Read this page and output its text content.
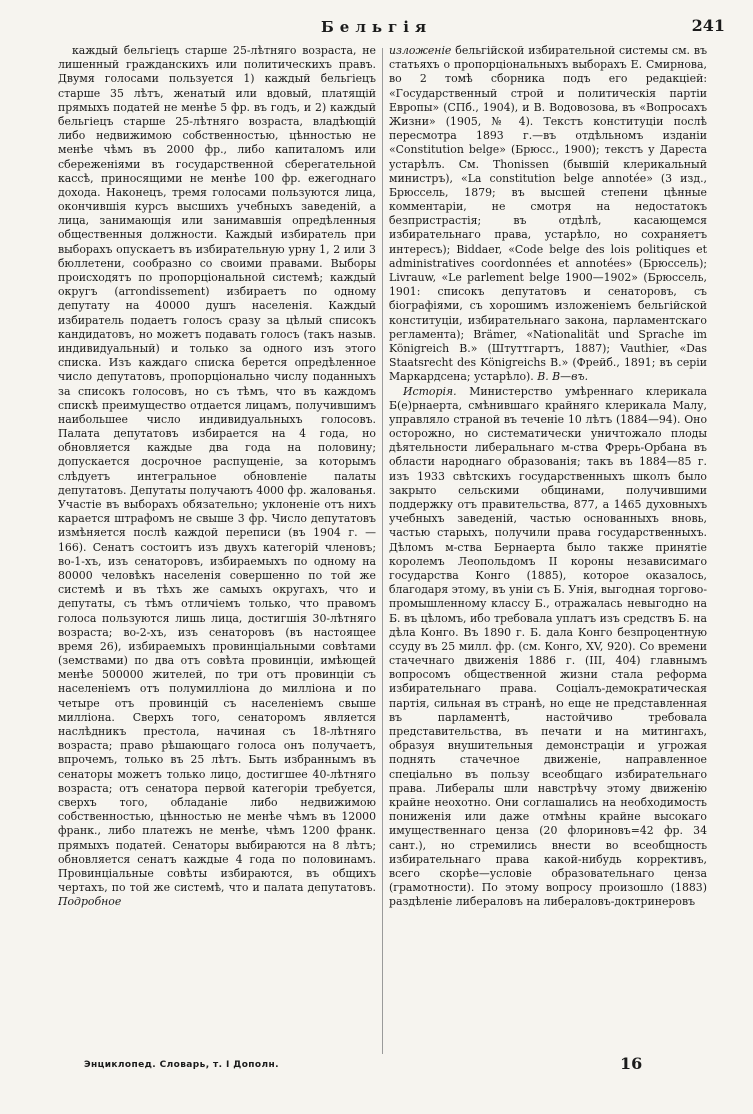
Бельгія	241

каждый бельгіецъ старше 25-лѣтняго возраста, не лишенный гражданскихъ или политическихъ правъ. Двумя голосами пользуется 1) каждый бельгіецъ старше 35 лѣтъ, женатый или вдовый, платящій прямыхъ податей не менѣе 5 фр. въ годъ, и 2) каждый бельгіецъ старше 25-лѣтняго возраста, владѣющій либо недвижимою собственностью, цѣнностью не менѣе чѣмъ въ 2000 фр., либо капиталомъ или сбереженіями въ государственной сберегательной кассѣ, приносящими не менѣе 100 фр. ежегоднаго дохода. Наконецъ, тремя голосами пользуются лица, окончившія курсъ высшихъ учебныхъ заведеній, а лица, занимающія или занимавшія опредѣленныя общественныя должности. Каждый избиратель при выборахъ опускаетъ въ избирательную урну 1, 2 или 3 бюллетени, сообразно со своими правами. Выборы происходятъ по пропорціональной системѣ; каждый округъ (arrondissement) избираетъ по одному депутату на 40000 душъ населенія. Каждый избиратель подаетъ голосъ сразу за цѣлый списокъ кандидатовъ, но можетъ подавать голосъ (такъ назыв. индивидуальный) и только за одного изъ этого списка. Изъ каждаго списка берется опредѣленное число депутатовъ, пропорціонально числу поданныхъ за списокъ голосовъ, но съ тѣмъ, что въ каждомъ спискѣ преимущество отдается лицамъ, получившимъ наибольшее число индивидуальныхъ голосовъ. Палата депутатовъ избирается на 4 года, но обновляется каждые два года на половину; допускается досрочное распущеніе, за которымъ слѣдуетъ интегральное обновленіе палаты депутатовъ. Депутаты получаютъ 4000 фр. жалованья. Участіе въ выборахъ обязательно; уклоненіе отъ нихъ карается штрафомъ не свыше 3 фр. Число депутатовъ измѣняется послѣ каждой переписи (въ 1904 г. — 166). Сенатъ состоитъ изъ двухъ категорій членовъ; во-1-хъ, изъ сенаторовъ, избираемыхъ по одному на 80000 человѣкъ населенія совершенно по той же системѣ и въ тѣхъ же самыхъ округахъ, что и депутаты, съ тѣмъ отличіемъ только, что правомъ голоса пользуются лишь лица, достигшія 30-лѣтняго возраста; во-2-хъ, изъ сенаторовъ (въ настоящее время 26), избираемыхъ провинціальными совѣтами (земствами) по два отъ совѣта провинціи, имѣющей менѣе 500000 жителей, по три отъ провинціи съ населеніемъ отъ полумилліона до милліона и по четыре отъ провинцій съ населеніемъ свыше милліона. Сверхъ того, сенаторомъ является наслѣдникъ престола, начиная съ 18-лѣтняго возраста; право рѣшающаго голоса онъ получаетъ, впрочемъ, только въ 25 лѣтъ. Быть избраннымъ въ сенаторы можетъ только лицо, достигшее 40-лѣтняго возраста; отъ сенатора первой категоріи требуется, сверхъ того, обладаніе либо недвижимою собственностью, цѣнностью не менѣе чѣмъ въ 12000 франк., либо платежъ не менѣе, чѣмъ 1200 франк. прямыхъ податей. Сенаторы выбираются на 8 лѣтъ; обновляется сенатъ каждые 4 года по половинамъ. Провинціальные совѣты избираются, въ общихъ чертахъ, по той же системѣ, что и палата депутатовъ. Подробное

изложеніе бельгійской избирательной системы см. въ статьяхъ о пропорціональныхъ выборахъ Е. Смирнова, во 2 томѣ сборника подъ его редакціей: «Государственный строй и политическія партіи Европы» (СПб., 1904), и В. Водовозова, въ «Вопросахъ Жизни» (1905, № 4). Текстъ конституціи послѣ пересмотра 1893 г.—въ отдѣльномъ изданіи «Constitution belge» (Брюсс., 1900); текстъ у Дареста устарѣлъ. См. Thonissen (бывшій клерикальный министръ), «La constitution belge annotée» (3 изд., Брюссель, 1879; въ высшей степени цѣнные комментаріи, не смотря на недостатокъ безпристрастія; въ отдѣлѣ, касающемся избирательнаго права, устарѣло, но сохраняетъ интересъ); Biddaer, «Code belge des lois politiques et administratives coordonnées et annotées» (Брюссель); Livrauw, «Le parlement belge 1900—1902» (Брюссель, 1901: списокъ депутатовъ и сенаторовъ, съ біографіями, съ хорошимъ изложеніемъ бельгійской конституціи, избирательнаго закона, парламентскаго регламента); Brämer, «Nationalität und Sprache im Königreich B.» (Штуттгартъ, 1887); Vauthier, «Das Staatsrecht des Königreichs B.» (Фрейб., 1891; въ серіи Маркардсена; устарѣло). В. В—въ.

Исторія. Министерство умѣреннаго клерикала Б(е)рнаерта, смѣнившаго крайняго клерикала Малу, управляло страной въ теченіе 10 лѣтъ (1884—94). Оно осторожно, но систематически уничтожало плоды дѣятельности либеральнаго м-ства Фрерь-Орбана въ области народнаго образованія; такъ въ 1884—85 г. изъ 1933 свѣтскихъ государственныхъ школъ было закрыто сельскими общинами, получившими поддержку отъ правительства, 877, а 1465 духовныхъ учебныхъ заведеній, частью основанныхъ вновь, частью старыхъ, получили права государственныхъ. Дѣломъ м-ства Бернаерта было также принятіе королемъ Леопольдомъ II короны независимаго государства Конго (1885), которое оказалось, благодаря этому, въ уніи съ Б. Унія, выгодная торгово-промышленному классу Б., отражалась невыгодно на Б. въ цѣломъ, ибо требовала уплатъ изъ средствъ Б. на дѣла Конго. Въ 1890 г. Б. дала Конго безпроцентную ссуду въ 25 милл. фр. (см. Конго, XV, 920). Со времени стачечнаго движенія 1886 г. (III, 404) главнымъ вопросомъ общественной жизни стала реформа избирательнаго права. Соціалъ-демократическая партія, сильная въ странѣ, но еще не представленная въ парламентѣ, настойчиво требовала представительства, въ печати и на митингахъ, образуя внушительныя демонстраціи и угрожая поднять стачечное движеніе, направленное спеціально въ пользу всеобщаго избирательнаго права. Либералы шли навстрѣчу этому движенію крайне неохотно. Они соглашались на необходимость пониженія или даже отмѣны крайне высокаго имущественнаго ценза (20 флориновъ=42 фр. 34 сант.), но стремились внести во всеобщность избирательнаго права какой-нибудь коррективъ, всего скорѣе—условіе образовательнаго ценза (грамотности). По этому вопросу произошло (1883) раздѣленіе либераловъ на либераловъ-доктринеровъ

Энциклопед. Словарь, т. I Дополн.	16
